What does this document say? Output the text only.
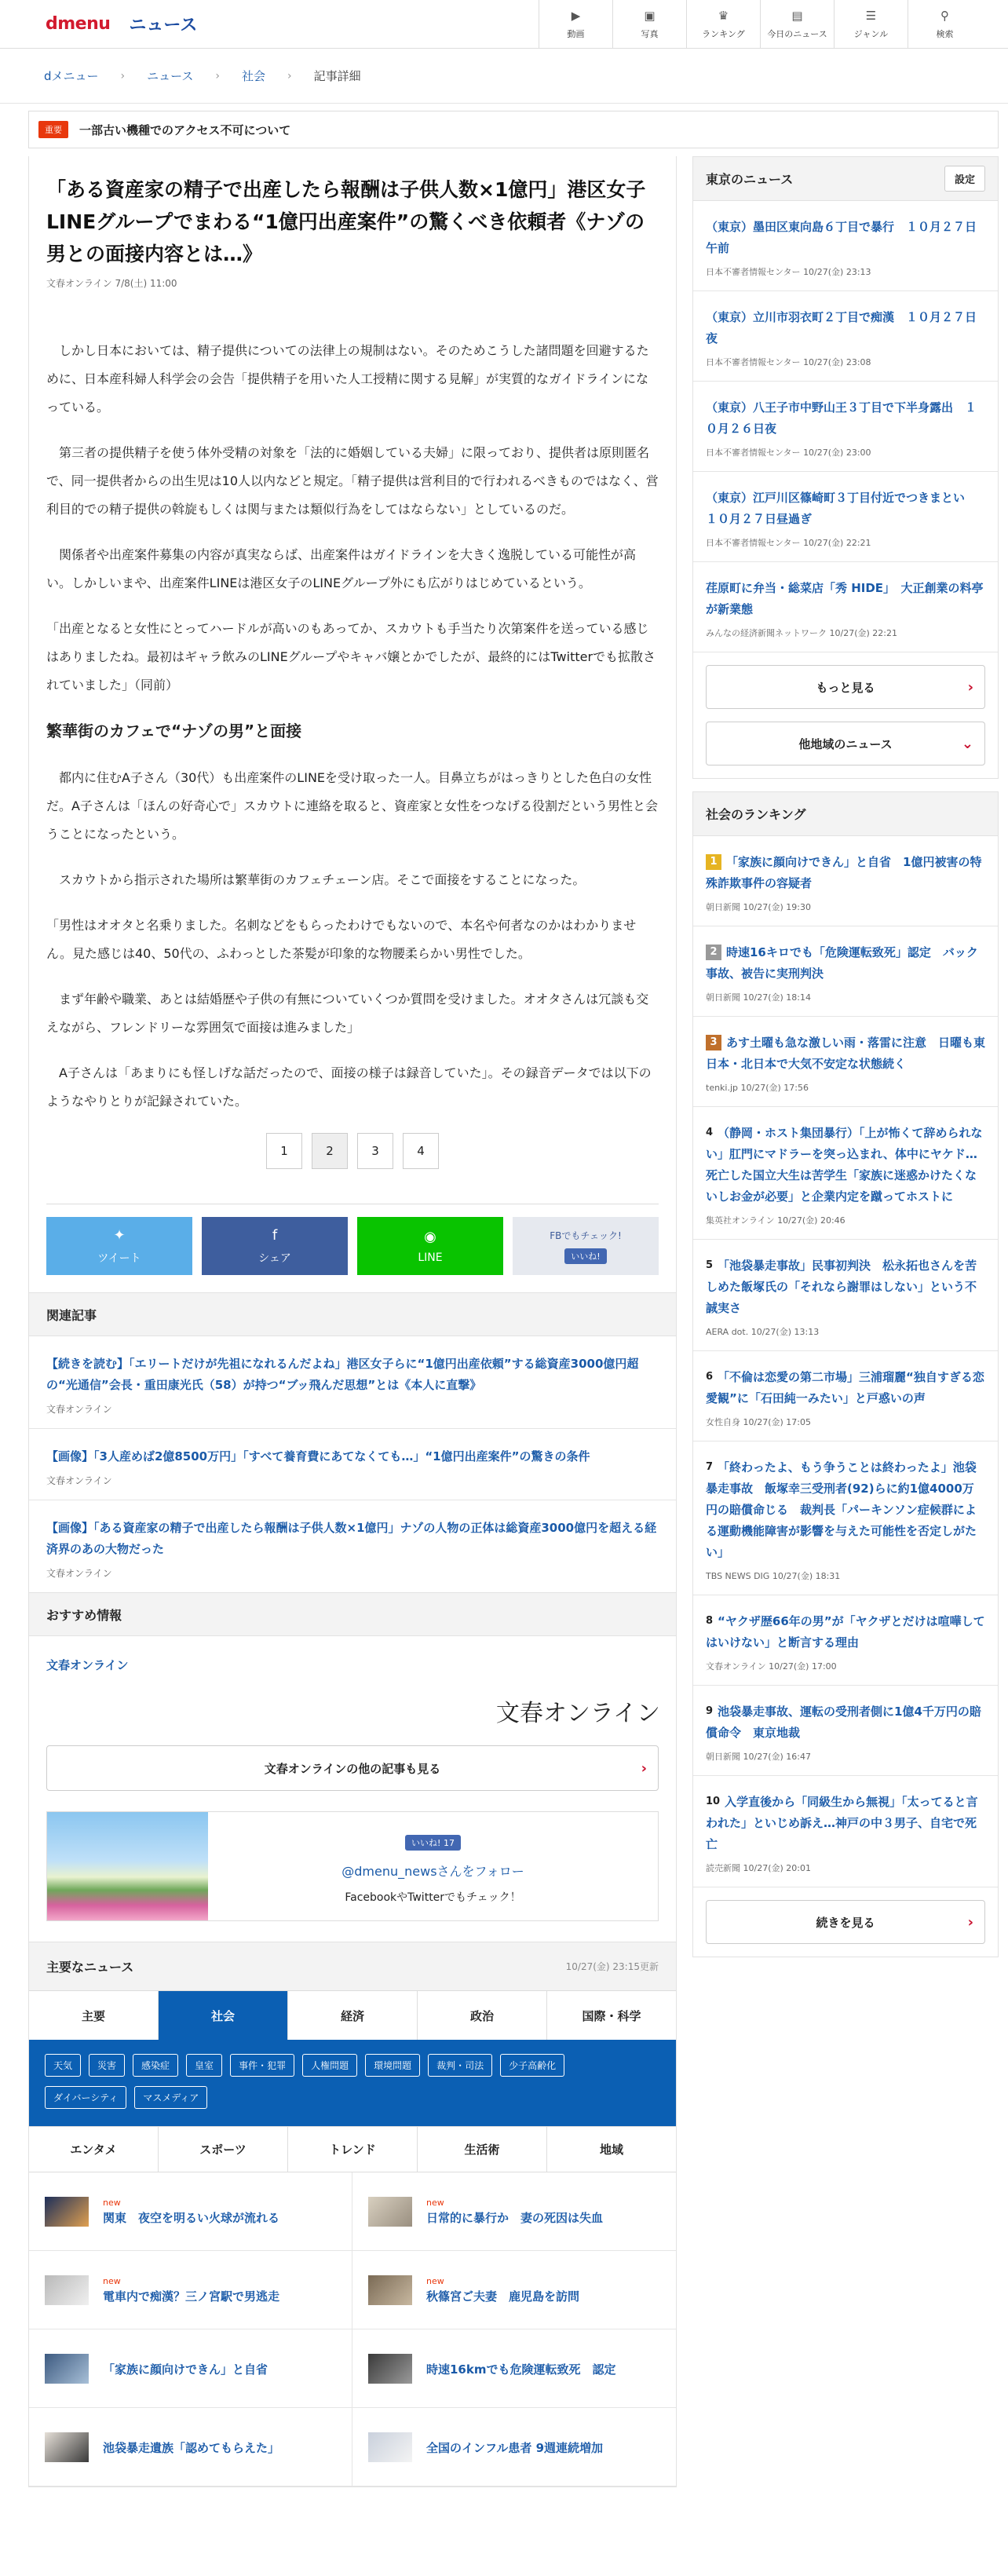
dmenu ニュース	▶
動画
▣
写真
♛
ランキング
▤
今日のニュース
☰
ジャンル
⚲
検索
dメニュー › ニュース › 社会 › 記事詳細
重要	一部古い機種でのアクセス不可について
「ある資産家の精子で出産したら報酬は子供人数×1億円」港区女子LINEグループでまわる“1億円出産案件”の驚くべき依頼者《ナゾの男との面接内容とは…》
文春オンライン 7/8(土) 11:00

しかし日本においては、精子提供についての法律上の規制はない。そのためこうした諸問題を回避するために、日本産科婦人科学会の会告「提供精子を用いた人工授精に関する見解」が実質的なガイドラインになっている。

第三者の提供精子を使う体外受精の対象を「法的に婚姻している夫婦」に限っており、提供者は原則匿名で、同一提供者からの出生児は10人以内などと規定。「精子提供は営利目的で行われるべきものではなく、営利目的での精子提供の斡旋もしくは関与または類似行為をしてはならない」としているのだ。

関係者や出産案件募集の内容が真実ならば、出産案件はガイドラインを大きく逸脱している可能性が高い。しかしいまや、出産案件LINEは港区女子のLINEグループ外にも広がりはじめているという。

「出産となると女性にとってハードルが高いのもあってか、スカウトも手当たり次第案件を送っている感じはありましたね。最初はギャラ飲みのLINEグループやキャバ嬢とかでしたが、最終的にはTwitterでも拡散されていました」（同前）

繁華街のカフェで“ナゾの男”と面接

都内に住むA子さん（30代）も出産案件のLINEを受け取った一人。目鼻立ちがはっきりとした色白の女性だ。A子さんは「ほんの好奇心で」スカウトに連絡を取ると、資産家と女性をつなげる役割だという男性と会うことになったという。

スカウトから指示された場所は繁華街のカフェチェーン店。そこで面接をすることになった。

「男性はオオタと名乗りました。名刺などをもらったわけでもないので、本名や何者なのかはわかりません。見た感じは40、50代の、ふわっとした茶髪が印象的な物腰柔らかい男性でした。

まず年齢や職業、あとは結婚歴や子供の有無についていくつか質問を受けました。オオタさんは冗談も交えながら、フレンドリーな雰囲気で面接は進みました」

A子さんは「あまりにも怪しげな話だったので、面接の様子は録音していた」。その録音データでは以下のようなやりとりが記録されていた。

1	2	3	4
✦
ツイート
f
シェア
◉
LINE
FBでもチェック!
いいね!
関連記事
【続きを読む】「エリートだけが先祖になれるんだよね」港区女子らに“1億円出産依頼”する総資産3000億円超の“光通信”会長・重田康光氏（58）が持つ“ブッ飛んだ思想”とは《本人に直撃》
文春オンライン
【画像】「3人産めば2億8500万円」「すべて養育費にあてなくても…」“1億円出産案件”の驚きの条件
文春オンライン
【画像】「ある資産家の精子で出産したら報酬は子供人数×1億円」ナゾの人物の正体は総資産3000億円を超える経済界のあの大物だった
文春オンライン
おすすめ情報
文春オンライン
文春オンライン
文春オンラインの他の記事も見る	›
いいね! 17
@dmenu_newsさんをフォロー
FacebookやTwitterでもチェック！
主要なニュース	10/27(金) 23:15更新
主要	社会	経済	政治	国際・科学
天気	災害	感染症	皇室	事件・犯罪	人権問題	環境問題	裁判・司法	少子高齢化
ダイバーシティ	マスメディア
エンタメ	スポーツ	トレンド	生活術	地域
new
関東　夜空を明るい火球が流れる
new
日常的に暴行か　妻の死因は失血
new
電車内で痴漢？三ノ宮駅で男逃走
new
秋篠宮ご夫妻　鹿児島を訪問
「家族に顔向けできん」と自省	時速16kmでも危険運転致死　認定
池袋暴走遺族「認めてもらえた」	全国のインフル患者 9週連続増加
東京のニュース	設定
（東京）墨田区東向島６丁目で暴行　１０月２７日午前
日本不審者情報センター 10/27(金) 23:13
（東京）立川市羽衣町２丁目で痴漢　１０月２７日夜
日本不審者情報センター 10/27(金) 23:08
（東京）八王子市中野山王３丁目で下半身露出　１０月２６日夜
日本不審者情報センター 10/27(金) 23:00
（東京）江戸川区篠崎町３丁目付近でつきまとい　１０月２７日昼過ぎ
日本不審者情報センター 10/27(金) 22:21
荏原町に弁当・総菜店「秀 HIDE」　大正創業の料亭が新業態
みんなの経済新聞ネットワーク 10/27(金) 22:21
もっと見る	›
他地域のニュース	⌄
社会のランキング
1 「家族に顔向けできん」と自省　1億円被害の特殊詐欺事件の容疑者
朝日新聞 10/27(金) 19:30
2 時速16キロでも「危険運転致死」認定　バック事故、被告に実刑判決
朝日新聞 10/27(金) 18:14
3 あす土曜も急な激しい雨・落雷に注意　日曜も東日本・北日本で大気不安定な状態続く
tenki.jp 10/27(金) 17:56
4 （静岡・ホスト集団暴行）「上が怖くて辞められない」肛門にマドラーを突っ込まれ、体中にヤケド…死亡した国立大生は苦学生「家族に迷惑かけたくないしお金が必要」と企業内定を蹴ってホストに
集英社オンライン 10/27(金) 20:46
5 「池袋暴走事故」民事初判決　松永拓也さんを苦しめた飯塚氏の「それなら謝罪はしない」という不誠実さ
AERA dot. 10/27(金) 13:13
6 「不倫は恋愛の第二市場」三浦瑠麗“独自すぎる恋愛観”に「石田純一みたい」と戸惑いの声
女性自身 10/27(金) 17:05
7 「終わったよ、もう争うことは終わったよ」池袋暴走事故　飯塚幸三受刑者(92)らに約1億4000万円の賠償命じる　裁判長「パーキンソン症候群による運動機能障害が影響を与えた可能性を否定しがたい」
TBS NEWS DIG 10/27(金) 18:31
8 “ヤクザ歴66年の男”が「ヤクザとだけは喧嘩してはいけない」と断言する理由
文春オンライン 10/27(金) 17:00
9 池袋暴走事故、運転の受刑者側に1億4千万円の賠償命令　東京地裁
朝日新聞 10/27(金) 16:47
10 入学直後から「同級生から無視」「太ってると言われた」といじめ訴え…神戸の中３男子、自宅で死亡
読売新聞 10/27(金) 20:01
続きを見る	›
